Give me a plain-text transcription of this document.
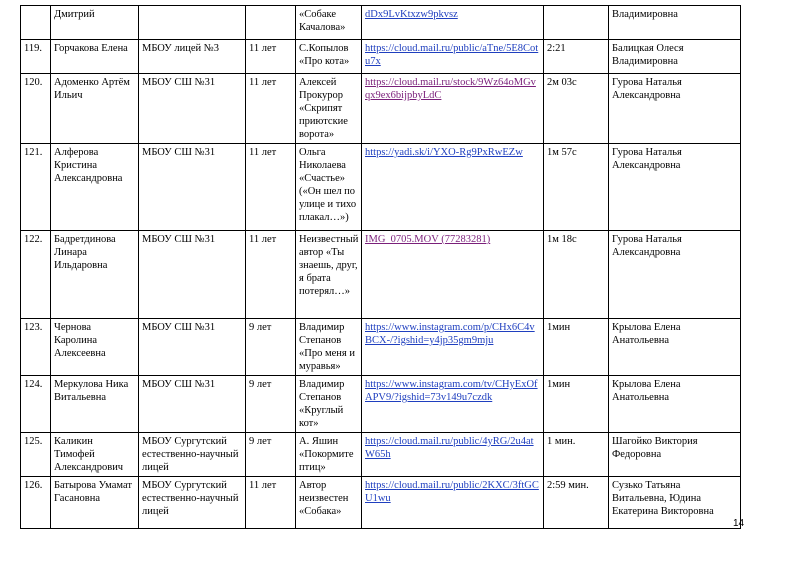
	Дмитрий			«Собаке Качалова»	dDx9LvKtxzw9pkvsz		Владимировна
119.	Горчакова Елена	МБОУ лицей №3	11 лет	С.Копылов «Про кота»	https://cloud.mail.ru/public/aTne/5E8Cotu7x	2:21	Балицкая Олеся Владимировна
120.	Адоменко Артём Ильич	МБОУ СШ №31	11 лет	Алексей Прокурор «Скрипят приютские ворота»	https://cloud.mail.ru/stock/9Wz64oMGvqx9ex6bijpbyLdC	2м 03с	Гурова Наталья Александровна
121.	Алферова Кристина Александровна	МБОУ СШ №31	11 лет	Ольга Николаева «Счастье» («Он шел по улице и тихо плакал…»)	https://yadi.sk/i/YXO-Rg9PxRwEZw	1м 57с	Гурова Наталья Александровна
122.	Бадретдинова Линара Ильдаровна	МБОУ СШ №31	11 лет	Неизвестный автор «Ты знаешь, друг, я брата потерял…»	IMG_0705.MOV (77283281)	1м 18с	Гурова Наталья Александровна
123.	Чернова Каролина Алексеевна	МБОУ СШ №31	9 лет	Владимир Степанов «Про меня и муравья»	https://www.instagram.com/p/CHx6C4vBCX-/?igshid=y4jp35gm9mju	1мин	Крылова Елена Анатольевна
124.	Меркулова Ника Витальевна	МБОУ СШ №31	9 лет	Владимир Степанов «Круглый кот»	https://www.instagram.com/tv/CHyExOfAPV9/?igshid=73v149u7czdk	1мин	Крылова Елена Анатольевна
125.	Каликин Тимофей Александрович	МБОУ Сургутский естественно-научный лицей	9 лет	А. Яшин «Покормите птиц»	https://cloud.mail.ru/public/4yRG/2u4atW65h	1 мин.	Шагойко Виктория Федоровна
126.	Батырова Умамат Гасановна	МБОУ Сургутский естественно-научный лицей	11 лет	Автор неизвестен «Собака»	https://cloud.mail.ru/public/2KXC/3ftGCU1wu	2:59 мин.	Сузько Татьяна Витальевна, Юдина Екатерина Викторовна
14
